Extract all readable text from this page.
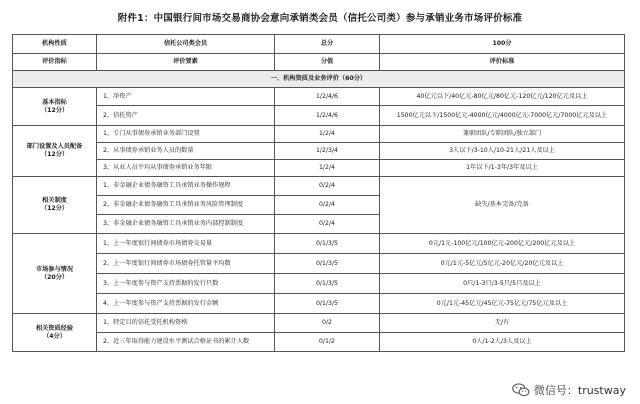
附件1：中国银行间市场交易商协会意向承销类会员（信托公司类）参与承销业务市场评价标准
机构性质	信托公司类会员	总分	100分
评价指标	评价要素	分值	评价标准
一、机构资质及业务评价（60分）			

基本指标
（12分）	1、净资产	1/2/4/6	40亿元以下/40亿元-80亿元/80亿元-120亿元/120亿元及以上
	2、信托资产	1/2/4/6	1500亿元以下/1500亿元-4000亿元/4000亿元-7000亿元/7000亿元及以上

部门设置及人员配备
（12分）	1、专门从事债券承销业务部门设置	1/2/4	兼职团队/专职团队/独立部门
	2、从事债券承销业务人员的数量	1/2/3/4	3人以下/3-10人/10-21人/21人及以上
	3、从业人员平均从事债券承销业务年限	1/2/4	1年以下/1-3年/3年及以上

相关制度
（12分）	1、非金融企业债务融资工具承销业务操作规程	0/2/4	缺失/基本完备/完备
	2、非金融企业债务融资工具承销业务风险管理制度	0/2/4	
	3、非金融企业债务融资工具承销业务内部控制制度	0/2/4	

市场参与情况
（20分）	1、上一年度银行间债券市场债券交易量	0/1/3/5	0元/1元-100亿元/100亿元-200亿元/200亿元及以上
	2、上一年度银行间债券市场债券托管量平均数	0/1/3/5	0元/1元-5亿元/5亿元-20亿元/20亿元及以上
	3、上一年度参与资产支持票据的发行只数	0/1/3/5	0只/1-3只/3-5只/5只及以上
	4、上一年度参与资产支持票据的发行金额	0/1/3/5	0元/1元-45亿元/45亿元-75亿元/75亿元及以上

相关资质经验
（4分）	1、特定目的信托受托机构资格	0/2	无/有
	2、近三年取得能力建设水平测试合格证书的累计人数	0/1/2	0人/1-2人/3人及以上
微信号：trustway
